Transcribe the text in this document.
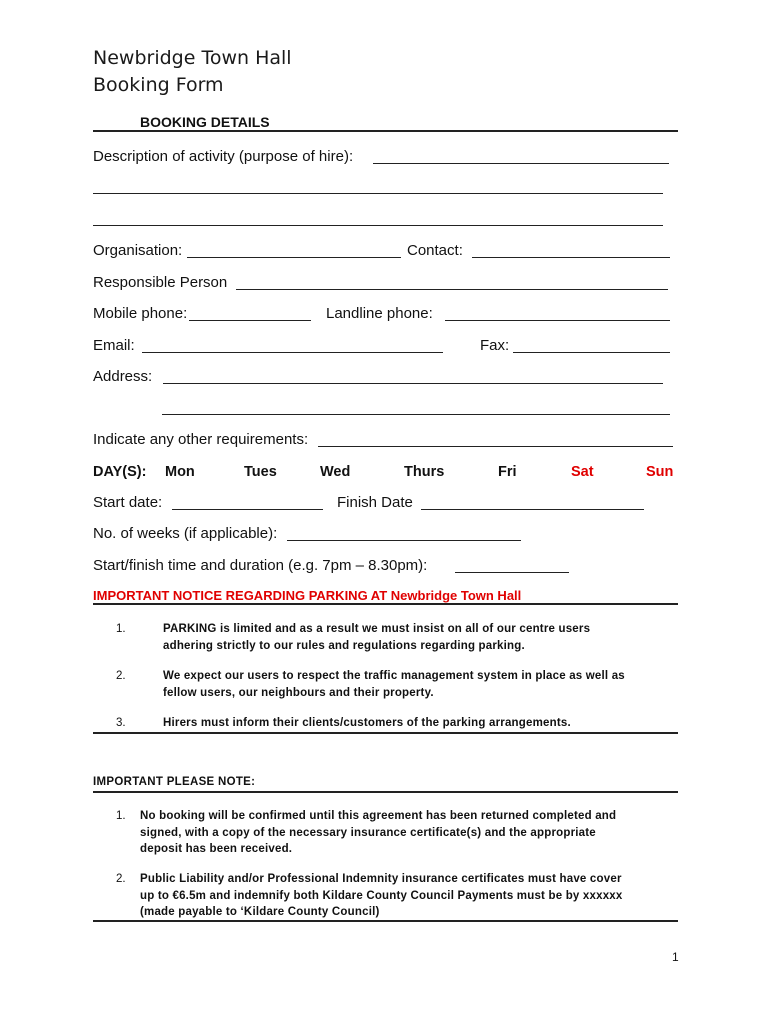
Newbridge Town Hall
Booking Form
BOOKING DETAILS
Description of activity (purpose of hire):
Organisation:	Contact:
Responsible Person
Mobile phone:	Landline phone:
Email:	Fax:
Address:
Indicate any other requirements:
DAY(S): Mon	Tues	Wed	Thurs	Fri	Sat	Sun
Start date:	Finish Date
No. of weeks (if applicable):
Start/finish time and duration (e.g. 7pm – 8.30pm):
IMPORTANT NOTICE REGARDING PARKING AT Newbridge Town Hall
1.	PARKING is limited and as a result we must insist on all of our centre users
adhering strictly to our rules and regulations regarding parking.
2.	We expect our users to respect the traffic management system in place as well as
fellow users, our neighbours and their property.
3.	Hirers must inform their clients/customers of the parking arrangements.
IMPORTANT PLEASE NOTE:
1. No booking will be confirmed until this agreement has been returned completed and
signed, with a copy of the necessary insurance certificate(s) and the appropriate
deposit has been received.
2. Public Liability and/or Professional Indemnity insurance certificates must have cover
up to €6.5m and indemnify both Kildare County Council Payments must be by xxxxxx
(made payable to ‘Kildare County Council)
1
